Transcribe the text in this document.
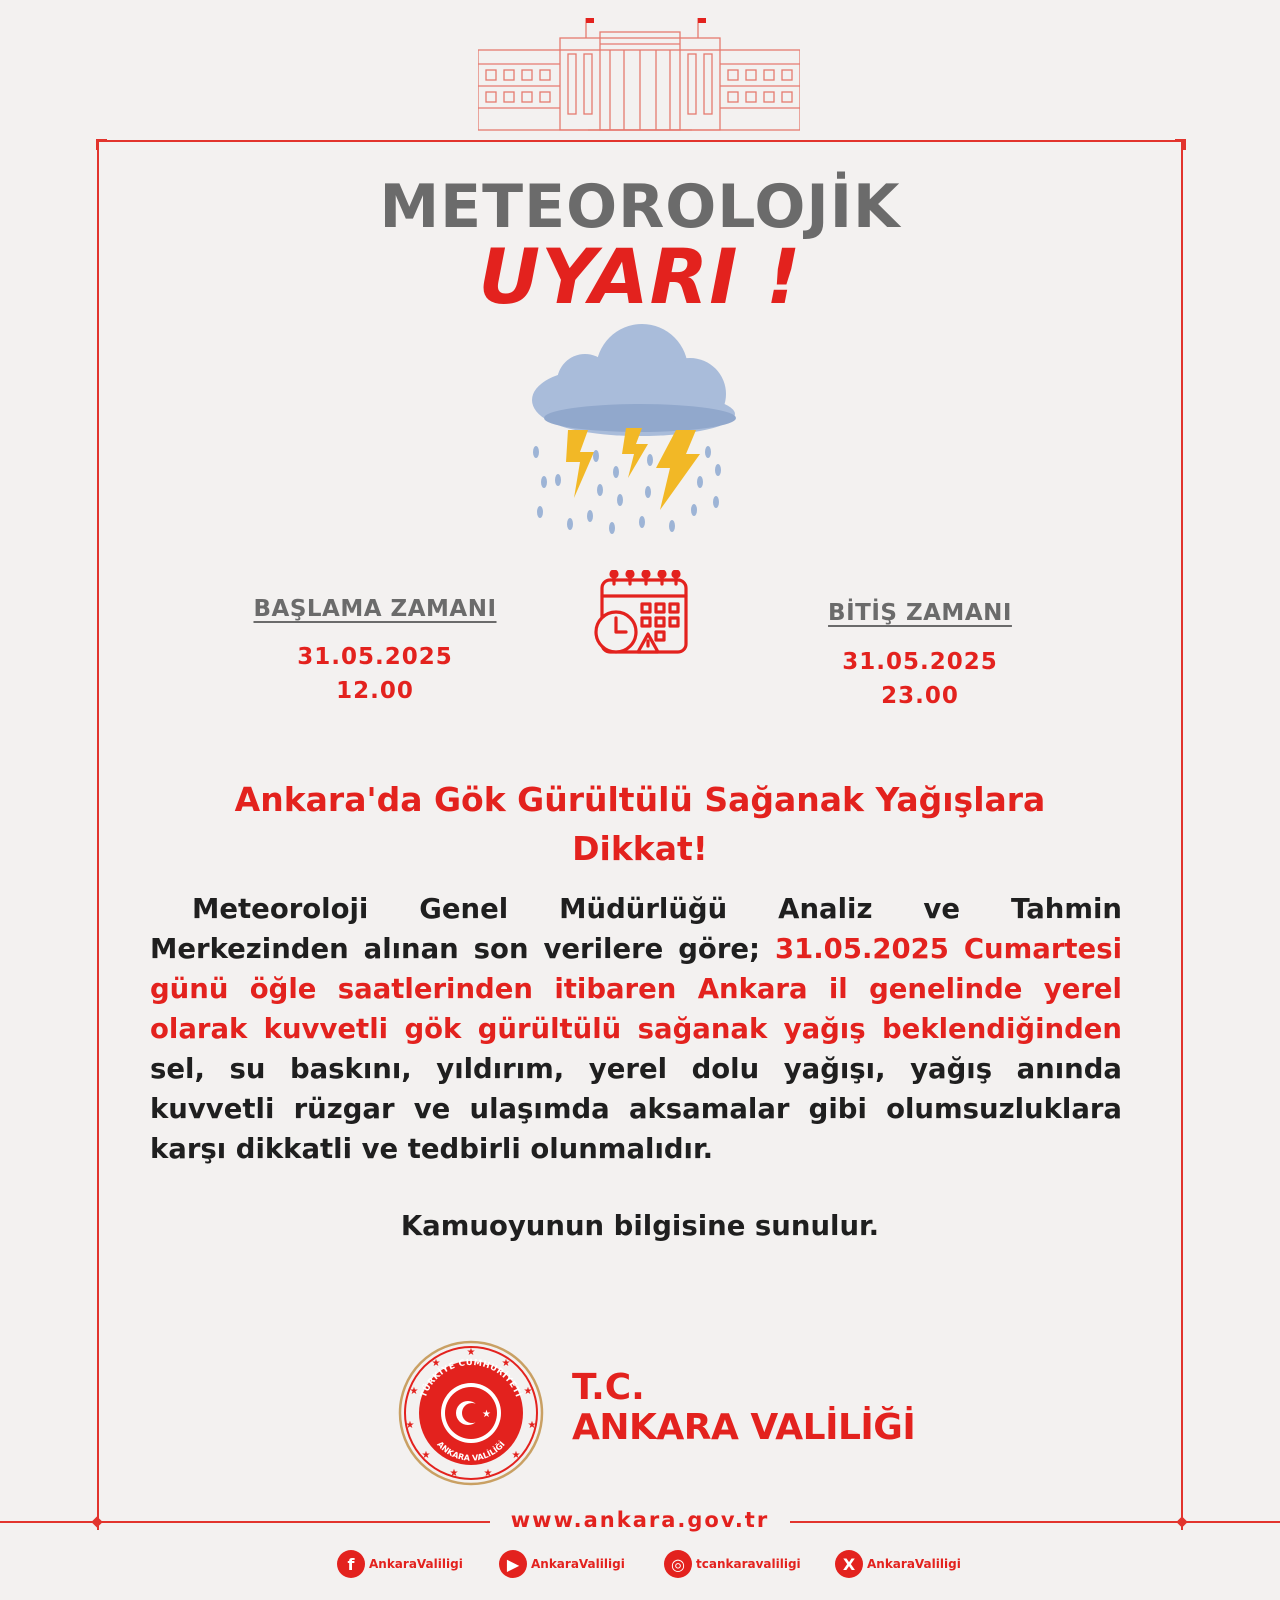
METEOROLOJİK
UYARI !
BAŞLAMA ZAMANI
31.05.2025
12.00
BİTİŞ ZAMANI
31.05.2025
23.00
Ankara'da Gök Gürültülü Sağanak Yağışlara Dikkat!
Meteoroloji Genel Müdürlüğü Analiz ve Tahmin Merkezinden alınan son verilere göre; 31.05.2025 Cumartesi günü öğle saatlerinden itibaren Ankara il genelinde yerel olarak kuvvetli gök gürültülü sağanak yağış beklendiğinden sel, su baskını, yıldırım, yerel dolu yağışı, yağış anında kuvvetli rüzgar ve ulaşımda aksamalar gibi olumsuzluklara karşı dikkatli ve tedbirli olunmalıdır.
Kamuoyunun bilgisine sunulur.
★
★
★
★
★
★
★
★
★
★
★
TÜRKİYE CUMHURİYETİ
★
ANKARA VALİLİĞİ
T.C.
ANKARA VALİLİĞİ
www.ankara.gov.tr
f	AnkaraValiligi	▶ AnkaraValiligi	◎ tcankaravaliligi	X AnkaraValiligi
